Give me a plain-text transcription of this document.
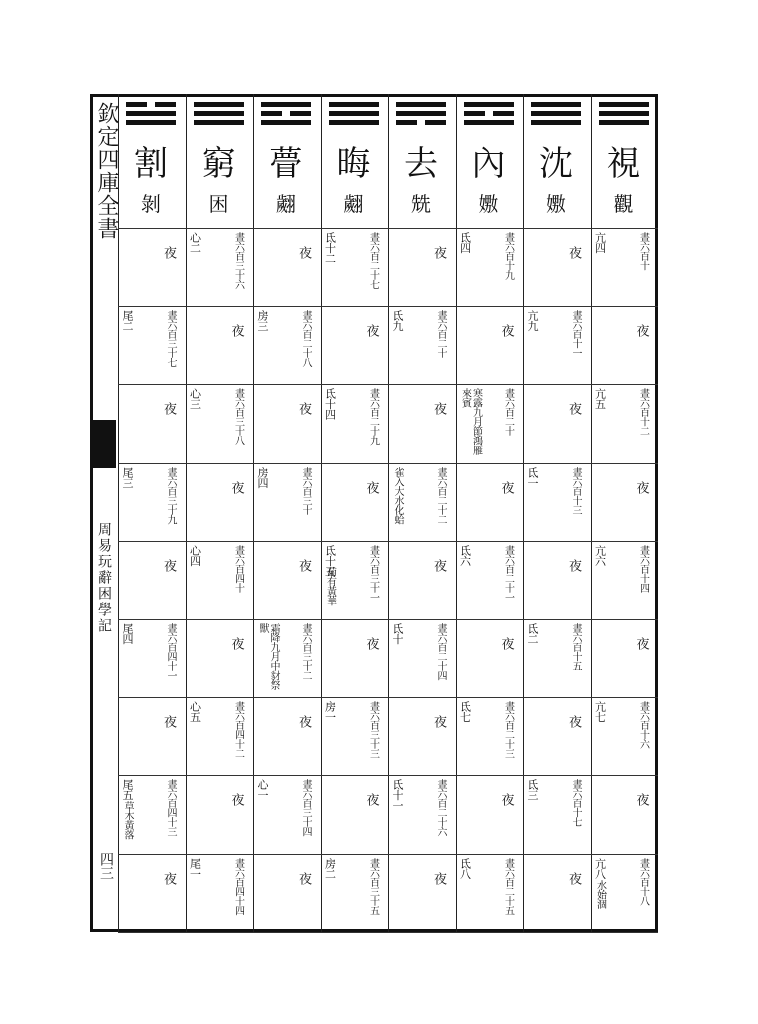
欽定四庫全書
周易玩辭困學記
四三
視
觀
晝六百十
亢四
夜
晝六百十二
亢五
夜
晝六百十四
亢六
夜
晝六百十六
亢七
夜
晝六百十八
亢八
水始涸
沈
嫐
夜
晝六百十一
亢九
夜
晝六百十三
氐一
夜
晝六百十五
氐二
夜
晝六百十七
氐三
夜
內
嫐
晝六百十九
氐四
夜
晝六百二十
寒露九月節鴻雁來賓
夜
晝六百二十一
氐六
夜
晝六百二十三
氐七
夜
晝六百二十五
氐八
去
兟
夜
晝六百二十
氐九
夜
晝六百二十二
雀入大水化蛤
夜
晝六百二十四
氐十
夜
晝六百二十六
氐十一
夜
晦
翽
晝六百二十七
氐十二
夜
晝六百二十九
氐十四
夜
晝六百三十一
氐十五
菊有黃華
夜
晝六百三十三
房一
夜
晝六百三十五
房二
瞢
翽
夜
晝六百二十八
房三
夜
晝六百三十
房四
夜
晝六百三十二
霜降九月中豺祭獸
夜
晝六百三十四
心一
夜
窮
困
晝六百三十六
心二
夜
晝六百三十八
心三
夜
晝六百四十
心四
夜
晝六百四十二
心五
夜
晝六百四十四
尾一
割
剝
夜
晝六百三十七
尾二
夜
晝六百三十九
尾三
夜
晝六百四十一
尾四
夜
晝六百四十三
尾五
草木黃落
夜
